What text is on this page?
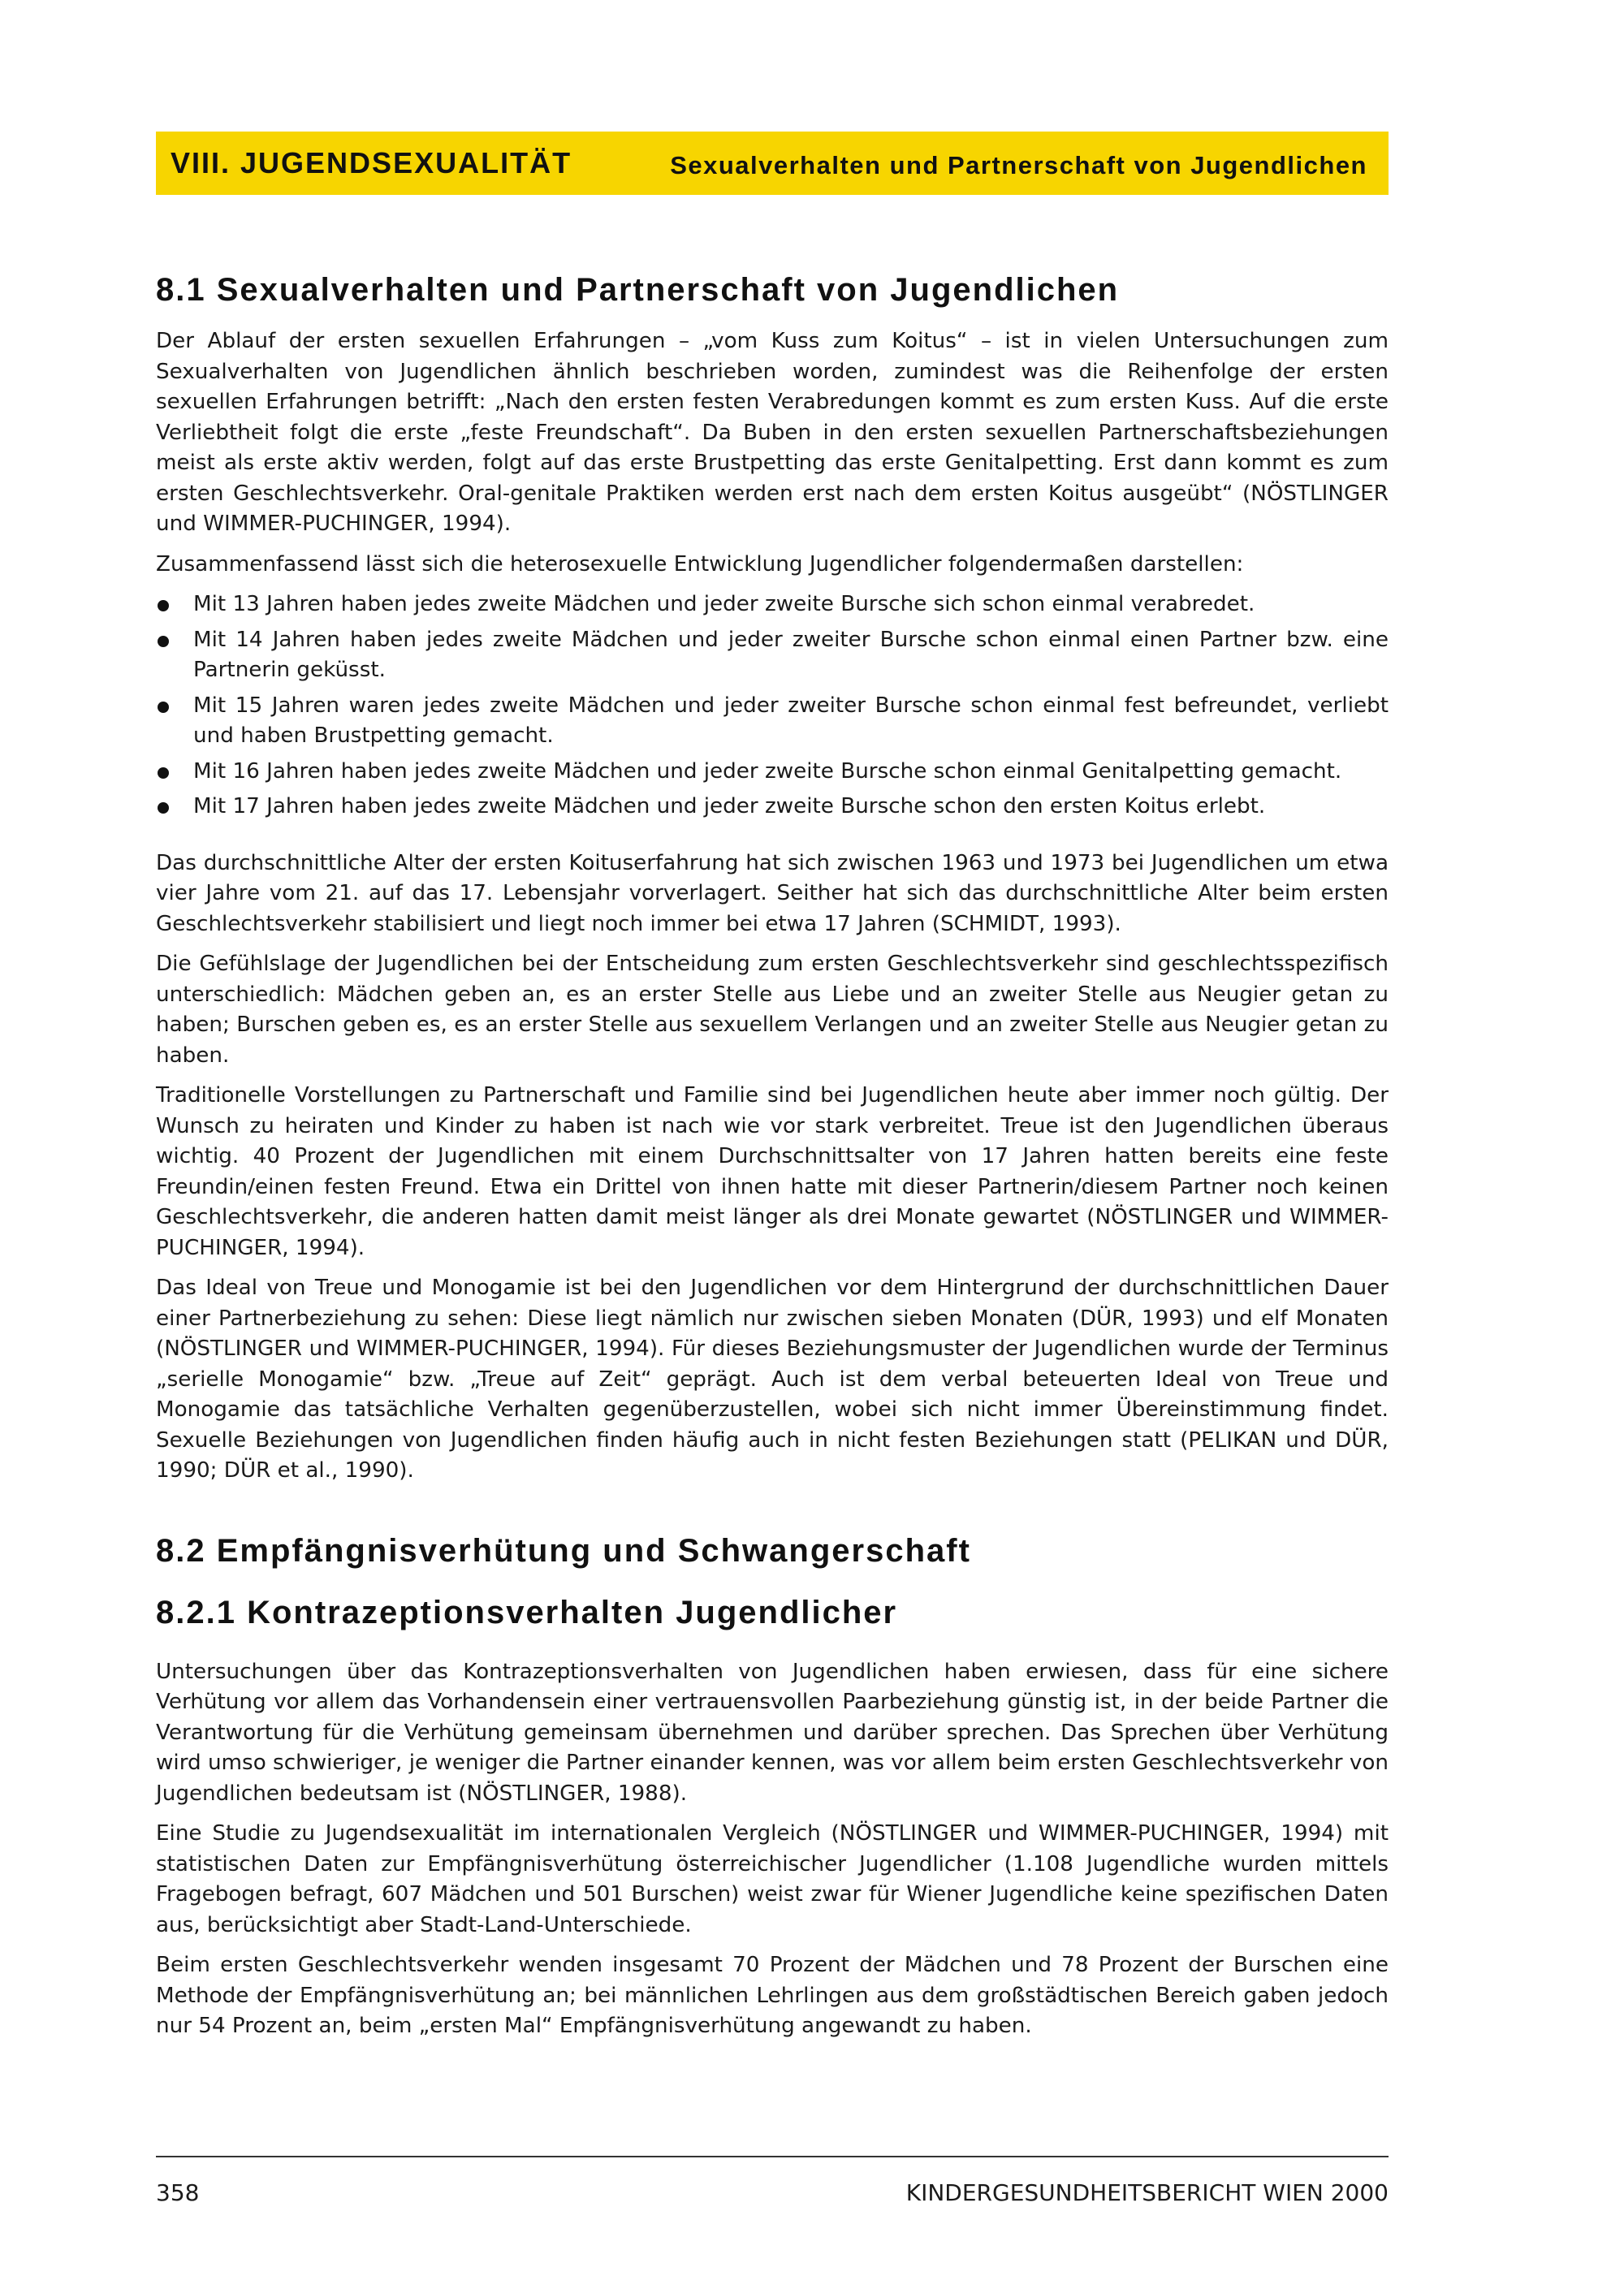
VIII. JUGENDSEXUALITÄT	Sexualverhalten und Partnerschaft von Jugendlichen
8.1 Sexualverhalten und Partnerschaft von Jugendlichen

Der Ablauf der ersten sexuellen Erfahrungen – „vom Kuss zum Koitus“ – ist in vielen Untersuchungen zum Sexualverhalten von Jugendlichen ähnlich beschrieben worden, zumindest was die Reihenfolge der ersten sexuellen Erfahrungen betrifft: „Nach den ersten festen Verabredungen kommt es zum ersten Kuss. Auf die erste Verliebtheit folgt die erste „feste Freundschaft“. Da Buben in den ersten sexuellen Partnerschaftsbeziehungen meist als erste aktiv werden, folgt auf das erste Brustpetting das erste Genitalpetting. Erst dann kommt es zum ersten Geschlechtsverkehr. Oral-genitale Praktiken werden erst nach dem ersten Koitus ausgeübt“ (NÖSTLINGER und WIMMER-PUCHINGER, 1994).

Zusammenfassend lässt sich die heterosexuelle Entwicklung Jugendlicher folgendermaßen darstellen:

Mit 13 Jahren haben jedes zweite Mädchen und jeder zweite Bursche sich schon einmal verabredet.
Mit 14 Jahren haben jedes zweite Mädchen und jeder zweiter Bursche schon einmal einen Partner bzw. eine Partnerin geküsst.
Mit 15 Jahren waren jedes zweite Mädchen und jeder zweiter Bursche schon einmal fest befreundet, verliebt und haben Brustpetting gemacht.
Mit 16 Jahren haben jedes zweite Mädchen und jeder zweite Bursche schon einmal Genitalpetting gemacht.
Mit 17 Jahren haben jedes zweite Mädchen und jeder zweite Bursche schon den ersten Koitus erlebt.

Das durchschnittliche Alter der ersten Koituserfahrung hat sich zwischen 1963 und 1973 bei Jugendlichen um etwa vier Jahre vom 21. auf das 17. Lebensjahr vorverlagert. Seither hat sich das durchschnittliche Alter beim ersten Geschlechtsverkehr stabilisiert und liegt noch immer bei etwa 17 Jahren (SCHMIDT, 1993).

Die Gefühlslage der Jugendlichen bei der Entscheidung zum ersten Geschlechtsverkehr sind geschlechtsspezifisch unterschiedlich: Mädchen geben an, es an erster Stelle aus Liebe und an zweiter Stelle aus Neugier getan zu haben; Burschen geben es, es an erster Stelle aus sexuellem Verlangen und an zweiter Stelle aus Neugier getan zu haben.

Traditionelle Vorstellungen zu Partnerschaft und Familie sind bei Jugendlichen heute aber immer noch gültig. Der Wunsch zu heiraten und Kinder zu haben ist nach wie vor stark verbreitet. Treue ist den Jugendlichen überaus wichtig. 40 Prozent der Jugendlichen mit einem Durchschnittsalter von 17 Jahren hatten bereits eine feste Freundin/einen festen Freund. Etwa ein Drittel von ihnen hatte mit dieser Partnerin/diesem Partner noch keinen Geschlechtsverkehr, die anderen hatten damit meist länger als drei Monate gewartet (NÖSTLINGER und WIMMER-PUCHINGER, 1994).

Das Ideal von Treue und Monogamie ist bei den Jugendlichen vor dem Hintergrund der durchschnittlichen Dauer einer Partnerbeziehung zu sehen: Diese liegt nämlich nur zwischen sieben Monaten (DÜR, 1993) und elf Monaten (NÖSTLINGER und WIMMER-PUCHINGER, 1994). Für dieses Beziehungsmuster der Jugendlichen wurde der Terminus „serielle Monogamie“ bzw. „Treue auf Zeit“ geprägt. Auch ist dem verbal beteuerten Ideal von Treue und Monogamie das tatsächliche Verhalten gegenüberzustellen, wobei sich nicht immer Übereinstimmung findet. Sexuelle Beziehungen von Jugendlichen finden häufig auch in nicht festen Beziehungen statt (PELIKAN und DÜR, 1990; DÜR et al., 1990).

8.2 Empfängnisverhütung und Schwangerschaft
8.2.1 Kontrazeptionsverhalten Jugendlicher

Untersuchungen über das Kontrazeptionsverhalten von Jugendlichen haben erwiesen, dass für eine sichere Verhütung vor allem das Vorhandensein einer vertrauensvollen Paarbeziehung günstig ist, in der beide Partner die Verantwortung für die Verhütung gemeinsam übernehmen und darüber sprechen. Das Sprechen über Verhütung wird umso schwieriger, je weniger die Partner einander kennen, was vor allem beim ersten Geschlechtsverkehr von Jugendlichen bedeutsam ist (NÖSTLINGER, 1988).

Eine Studie zu Jugendsexualität im internationalen Vergleich (NÖSTLINGER und WIMMER-PUCHINGER, 1994) mit statistischen Daten zur Empfängnisverhütung österreichischer Jugendlicher (1.108 Jugendliche wurden mittels Fragebogen befragt, 607 Mädchen und 501 Burschen) weist zwar für Wiener Jugendliche keine spezifischen Daten aus, berücksichtigt aber Stadt-Land-Unterschiede.

Beim ersten Geschlechtsverkehr wenden insgesamt 70 Prozent der Mädchen und 78 Prozent der Burschen eine Methode der Empfängnisverhütung an; bei männlichen Lehrlingen aus dem großstädtischen Bereich gaben jedoch nur 54 Prozent an, beim „ersten Mal“ Empfängnisverhütung angewandt zu haben.

358	KINDERGESUNDHEITSBERICHT WIEN 2000
